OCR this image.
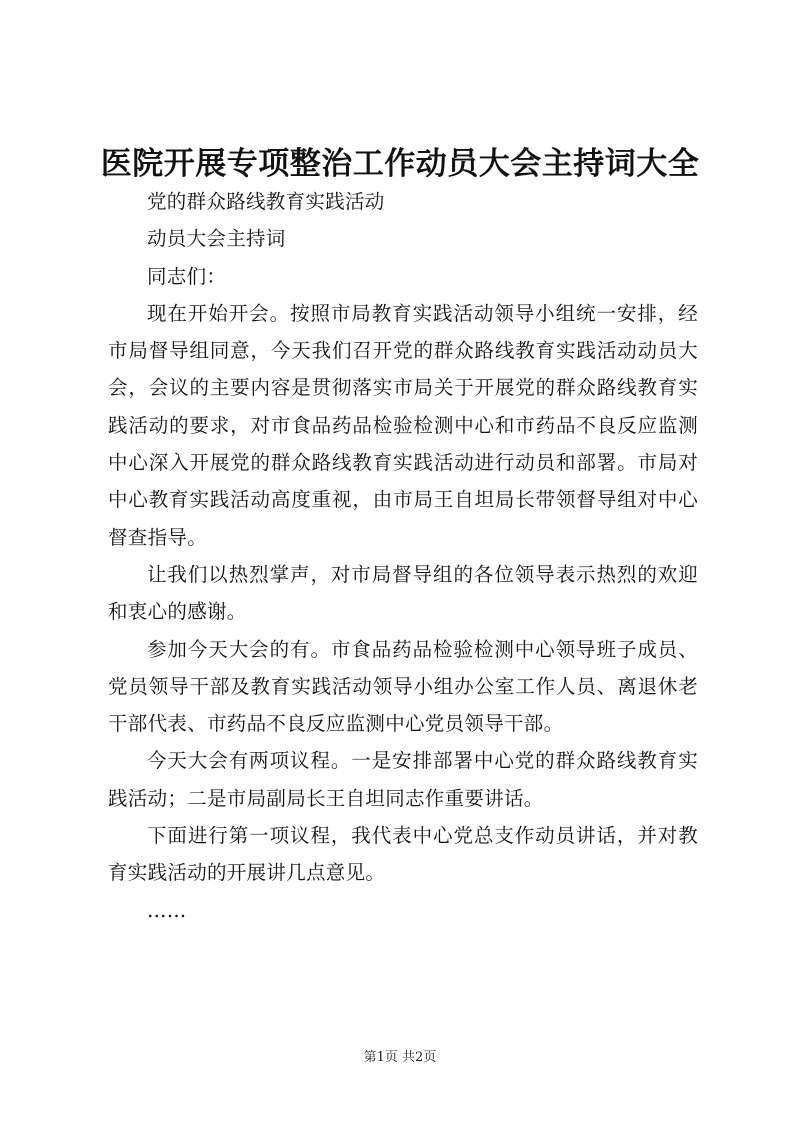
医院开展专项整治工作动员大会主持词大全

党的群众路线教育实践活动

动员大会主持词

同志们：

现在开始开会。按照市局教育实践活动领导小组统一安排，经市局督导组同意，今天我们召开党的群众路线教育实践活动动员大会，会议的主要内容是贯彻落实市局关于开展党的群众路线教育实践活动的要求，对市食品药品检验检测中心和市药品不良反应监测中心深入开展党的群众路线教育实践活动进行动员和部署。市局对中心教育实践活动高度重视，由市局王自坦局长带领督导组对中心督查指导。

让我们以热烈掌声，对市局督导组的各位领导表示热烈的欢迎和衷心的感谢。

参加今天大会的有。市食品药品检验检测中心领导班子成员、党员领导干部及教育实践活动领导小组办公室工作人员、离退休老干部代表、市药品不良反应监测中心党员领导干部。

今天大会有两项议程。一是安排部署中心党的群众路线教育实践活动；二是市局副局长王自坦同志作重要讲话。

下面进行第一项议程，我代表中心党总支作动员讲话，并对教育实践活动的开展讲几点意见。

……

第1页 共2页
